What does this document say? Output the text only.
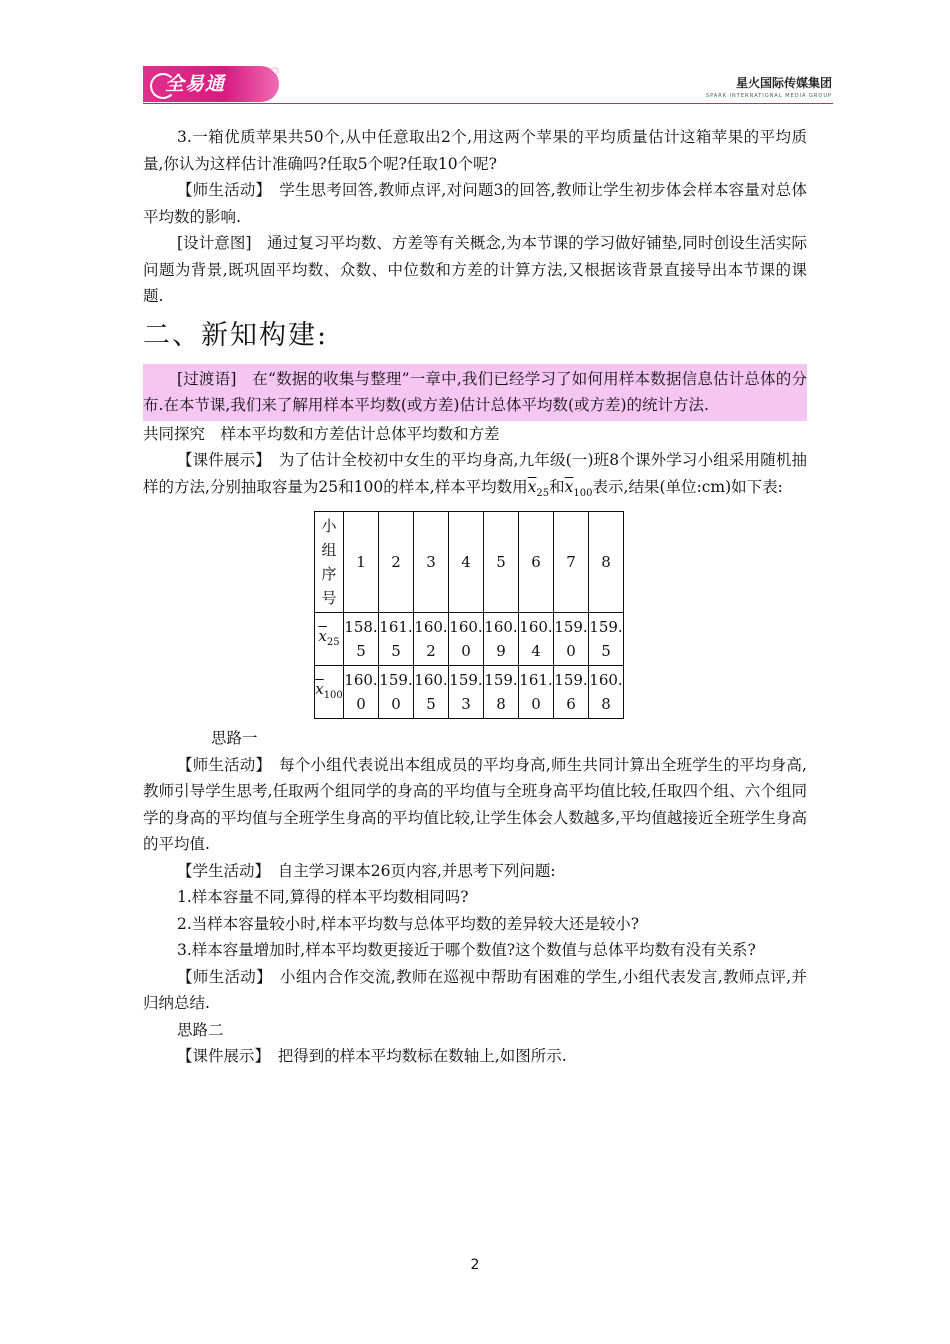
全易通
✦
星火国际传媒集团
SPARK INTERNATIONAL MEDIA GROUP

3.一箱优质苹果共50个,从中任意取出2个,用这两个苹果的平均质量估计这箱苹果的平均质量,你认为这样估计准确吗?任取5个呢?任取10个呢?

【师生活动】　 学生思考回答,教师点评,对问题3的回答,教师让学生初步体会样本容量对总体平均数的影响.

[设计意图]　通过复习平均数、方差等有关概念,为本节课的学习做好铺垫,同时创设生活实际问题为背景,既巩固平均数、众数、中位数和方差的计算方法,又根据该背景直接导出本节课的课题.

二、新知构建:

[过渡语]　在“数据的收集与整理”一章中,我们已经学习了如何用样本数据信息估计总体的分布.在本节课,我们来了解用样本平均数(或方差)估计总体平均数(或方差)的统计方法.

共同探究　样本平均数和方差估计总体平均数和方差

【课件展示】　 为了估计全校初中女生的平均身高,九年级(一)班8个课外学习小组采用随机抽样的方法,分别抽取容量为25和100的样本,样本平均数用$\overline{x}_{25}$和$\overline{x}_{100}$表示,结果(单位:cm)如下表:

小组序号	1	2	3	4	5	6	7	8
$\overline{x}_{25}$	158.5	161.5	160.2	160.0	160.9	160.4	159.0	159.5
$\overline{x}_{100}$	160.0	159.0	160.5	159.3	159.8	161.0	159.6	160.8

思路一

【师生活动】　 每个小组代表说出本组成员的平均身高,师生共同计算出全班学生的平均身高,教师引导学生思考,任取两个组同学的身高的平均值与全班身高平均值比较,任取四个组、六个组同学的身高的平均值与全班学生身高的平均值比较,让学生体会人数越多,平均值越接近全班学生身高的平均值.

【学生活动】　 自主学习课本26页内容,并思考下列问题:

1.样本容量不同,算得的样本平均数相同吗?

2.当样本容量较小时,样本平均数与总体平均数的差异较大还是较小?

3.样本容量增加时,样本平均数更接近于哪个数值?这个数值与总体平均数有没有关系?

【师生活动】　 小组内合作交流,教师在巡视中帮助有困难的学生,小组代表发言,教师点评,并归纳总结.

思路二

【课件展示】　 把得到的样本平均数标在数轴上,如图所示.

2
